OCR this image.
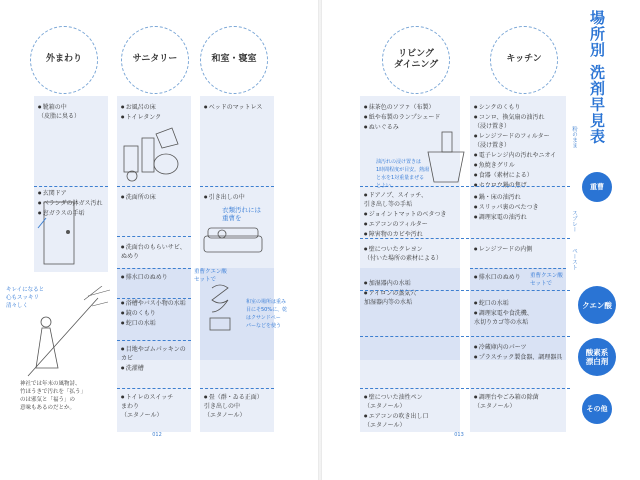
外まわり	サニタリー	和室・寝室
● 靴箱の中
（皮脂に臭る）
● 玄関ドア
● ベランダの鉢ガス汚れ
● 窓ガラスの手垢
● お風呂の床
● トイレタンク
● 洗面所の床
● 洗面台のもらいサビ、
ぬめり
● 排水口のぬめり
● 浴槽やバス小物の水垢
● 鏡のくもり
● 蛇口の水垢
● 目地やゴムパッキンの
カビ
● 洗濯槽
● トイレのスイッチ
まわり
（エタノール）
● ベッドのマットレス
● 引き出しの中
● 畳（群・ゐる正面）
引き出しの中
（エタノール）
衣類汚れには
重曹を
重曹クエン酸
セットで
和室の場所は重み
目にそ50%に、乾
はクサンドペー
パーなどを使う
キレイになると
心もスッキリ
清々しく
神社では年末の風物詩、
竹ほうきで汚れを「払う」
のは邪気と「福う」の
意味もあるのだとか。
012
リビング
ダイニング
キッチン	場所別 洗剤早見表
● 抹茶色のソファ（布製）
● 紙や布製のランプシェード
● ぬいぐるみ
● ドアノブ、スイッチ、
引き出し等の手垢
● ジョイントマットのベタつき
● エアコンのフィルター
● 障害物のカビや汚れ
● 壁についたクレヨン
（付いた場所の素材による）
● 加湿器内の水垢
● アイロンの蒸気穴
加湿器内等の水垢
● 壁についた油性ペン
（エタノール）
● エアコンの吹き出し口
（エタノール）
● シンクのくもり
● コンロ、換気扇の油汚れ
（浸け置き）
● レンジフードのフィルター
（浸け置き）
● 電子レンジ内の汚れやニオイ
● 魚焼きグリル
● 食器（素材による）
● ホウロウ鍋の焦げ
● 鍋・床の油汚れ
● スリッパ裏のべたつき
● 調理家電の油汚れ
● レンジフードの内側
● 排水口のぬめり
● 蛇口の水垢
● 調理家電や食洗機、
水切りカゴ等の水垢
● 冷蔵庫内のパーツ
● プラスチック製食器、調理器具
● 調理台やごみ箱の除菌
（エタノール）
粉のまま
スプレー
ペースト
重曹
クエン酸
酸素系
漂白剤
その他
油汚れの浸け置きは
1時間程度が目安。熱湯
と水を1対重量まぜる
とよい。
重曹クエン酸
セットで
013
